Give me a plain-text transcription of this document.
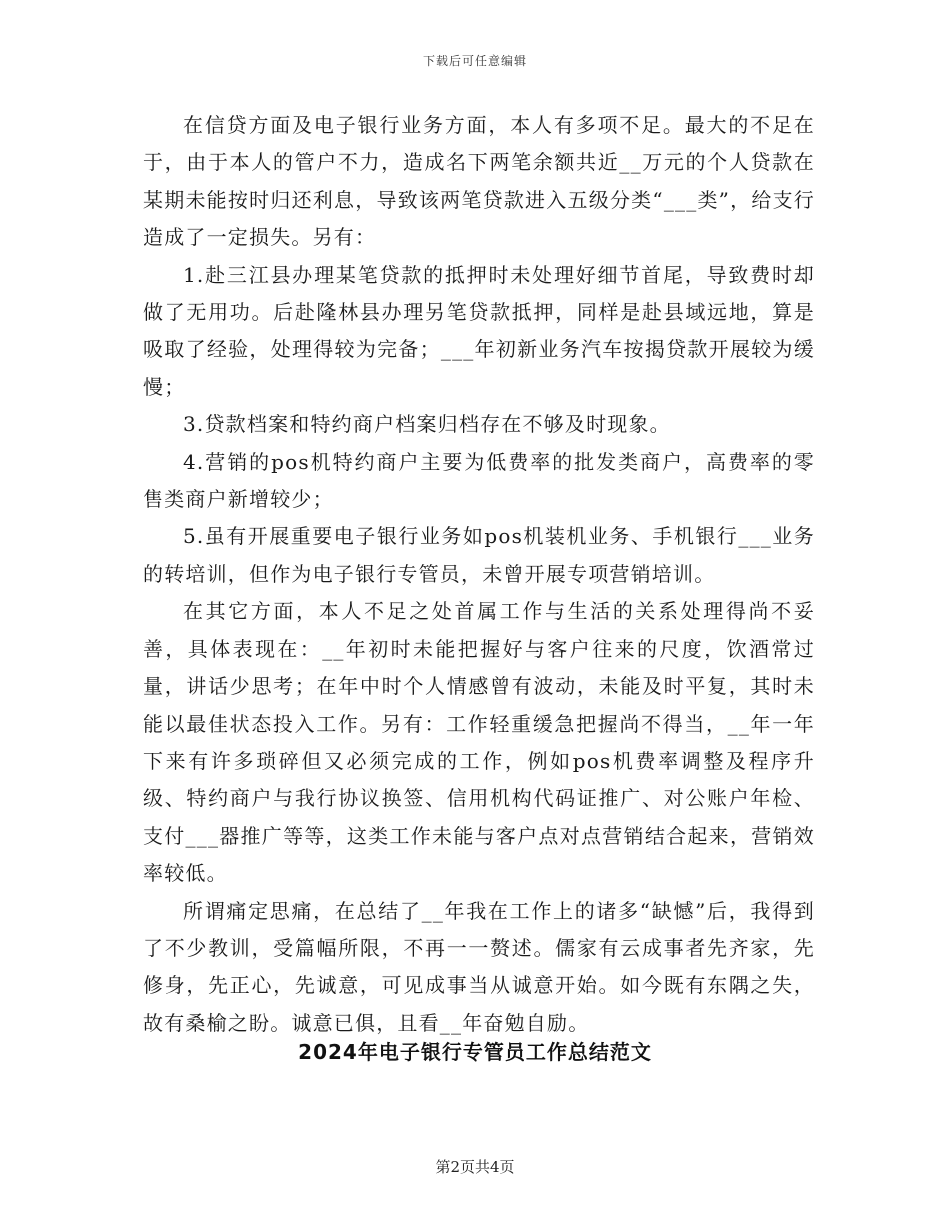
下载后可任意编辑

在信贷方面及电子银行业务方面，本人有多项不足。最大的不足在于，由于本人的管户不力，造成名下两笔余额共近__万元的个人贷款在某期未能按时归还利息，导致该两笔贷款进入五级分类“___类”，给支行造成了一定损失。另有：

1.赴三江县办理某笔贷款的抵押时未处理好细节首尾，导致费时却做了无用功。后赴隆林县办理另笔贷款抵押，同样是赴县域远地，算是吸取了经验，处理得较为完备；___年初新业务汽车按揭贷款开展较为缓慢；

3.贷款档案和特约商户档案归档存在不够及时现象。

4.营销的pos机特约商户主要为低费率的批发类商户，高费率的零售类商户新增较少；

5.虽有开展重要电子银行业务如pos机装机业务、手机银行___业务的转培训，但作为电子银行专管员，未曾开展专项营销培训。

在其它方面，本人不足之处首属工作与生活的关系处理得尚不妥善，具体表现在：__年初时未能把握好与客户往来的尺度，饮酒常过量，讲话少思考；在年中时个人情感曾有波动，未能及时平复，其时未能以最佳状态投入工作。另有：工作轻重缓急把握尚不得当，__年一年下来有许多琐碎但又必须完成的工作，例如pos机费率调整及程序升级、特约商户与我行协议换签、信用机构代码证推广、对公账户年检、支付___器推广等等，这类工作未能与客户点对点营销结合起来，营销效率较低。

所谓痛定思痛，在总结了__年我在工作上的诸多“缺憾”后，我得到了不少教训，受篇幅所限，不再一一赘述。儒家有云成事者先齐家，先修身，先正心，先诚意，可见成事当从诚意开始。如今既有东隅之失，故有桑榆之盼。诚意已俱，且看__年奋勉自励。

2024年电子银行专管员工作总结范文
第2页共4页
